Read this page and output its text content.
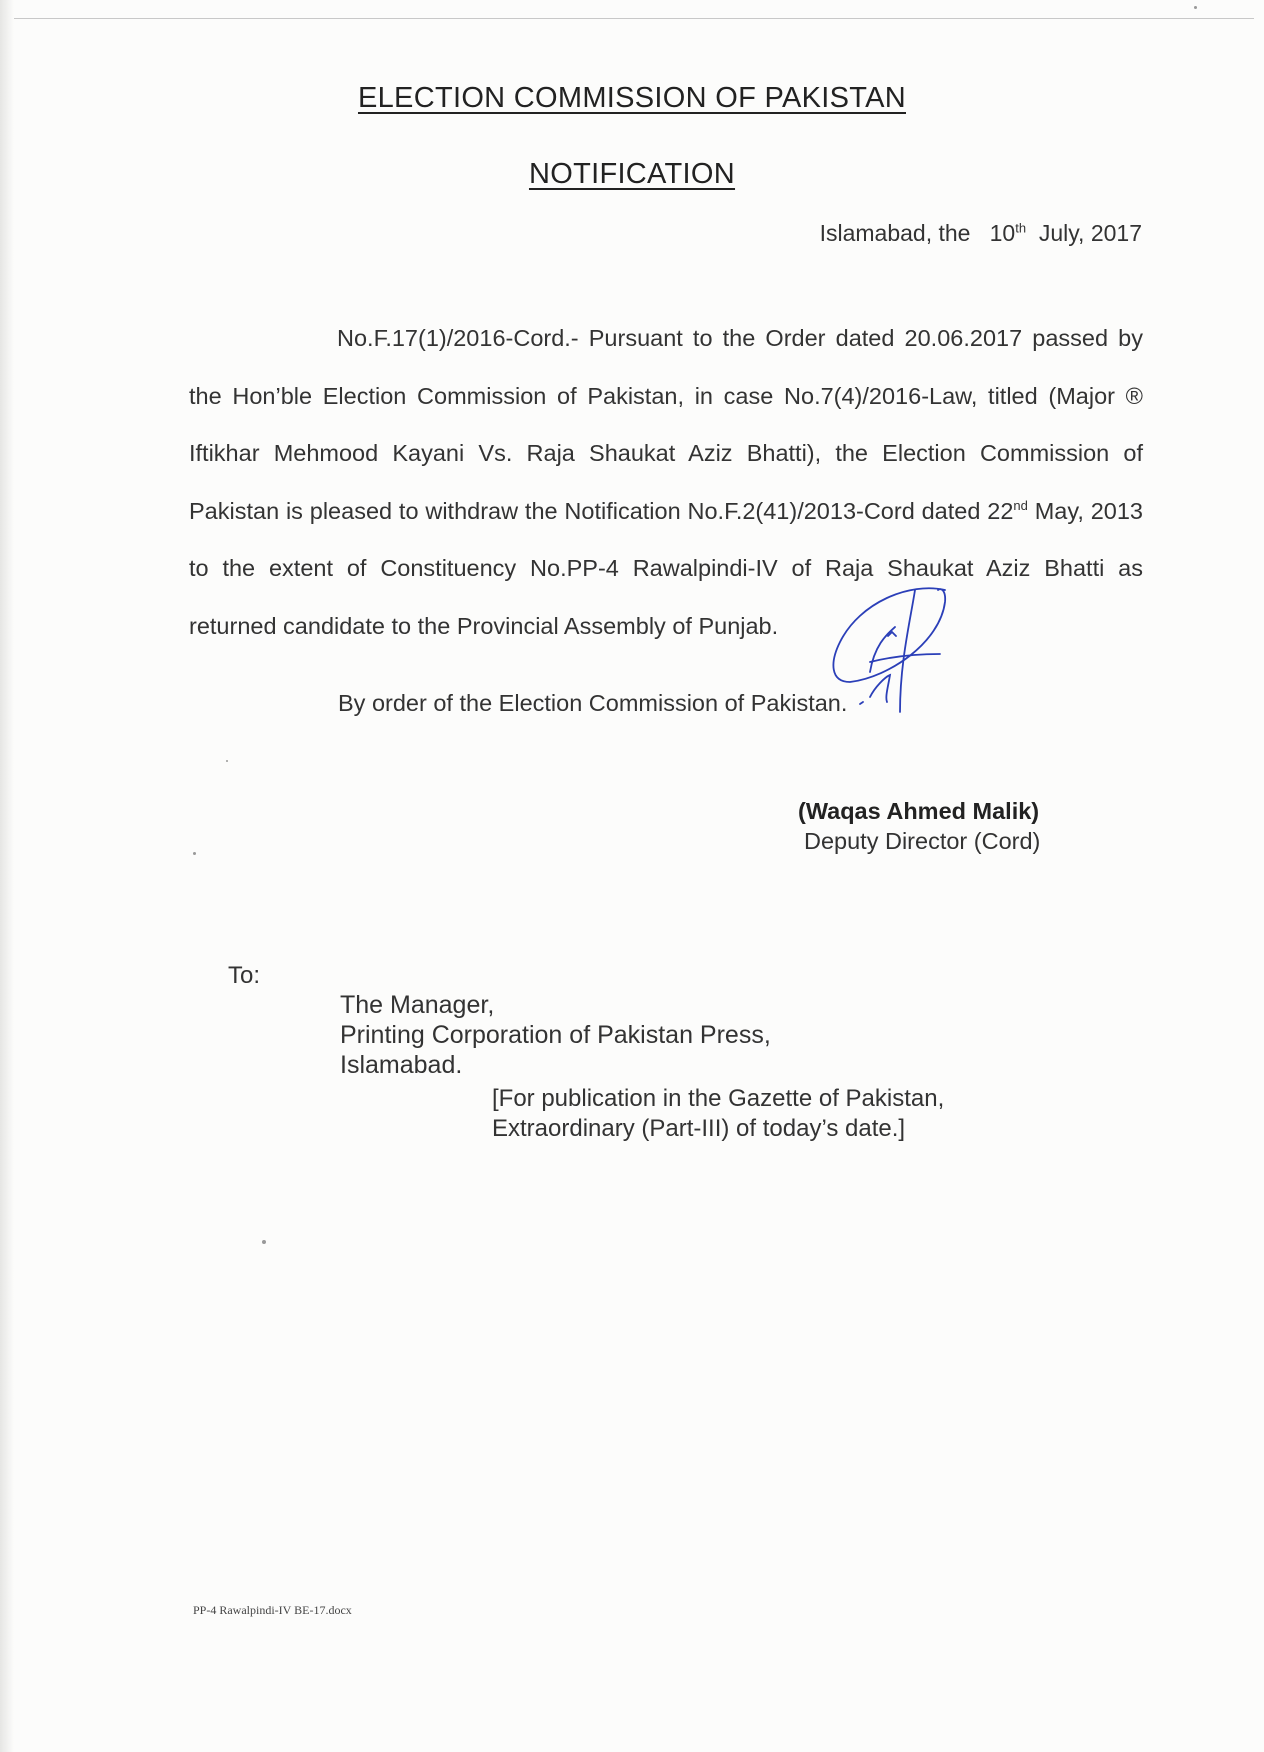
ELECTION COMMISSION OF PAKISTAN
NOTIFICATION
Islamabad, the 10th July, 2017
No.F.17(1)/2016-Cord.- Pursuant to the Order dated 20.06.2017 passed by the Hon’ble Election Commission of Pakistan, in case No.7(4)/2016-Law, titled (Major ® Iftikhar Mehmood Kayani Vs. Raja Shaukat Aziz Bhatti), the Election Commission of Pakistan is pleased to withdraw the Notification No.F.2(41)/2013-Cord dated 22nd May, 2013 to the extent of Constituency No.PP-4 Rawalpindi-IV of Raja Shaukat Aziz Bhatti as returned candidate to the Provincial Assembly of Punjab.
By order of the Election Commission of Pakistan.
(Waqas Ahmed Malik)
Deputy Director (Cord)
To:
The Manager,
Printing Corporation of Pakistan Press,
Islamabad.
[For publication in the Gazette of Pakistan,
Extraordinary (Part-III) of today’s date.]
PP-4 Rawalpindi-IV BE-17.docx
